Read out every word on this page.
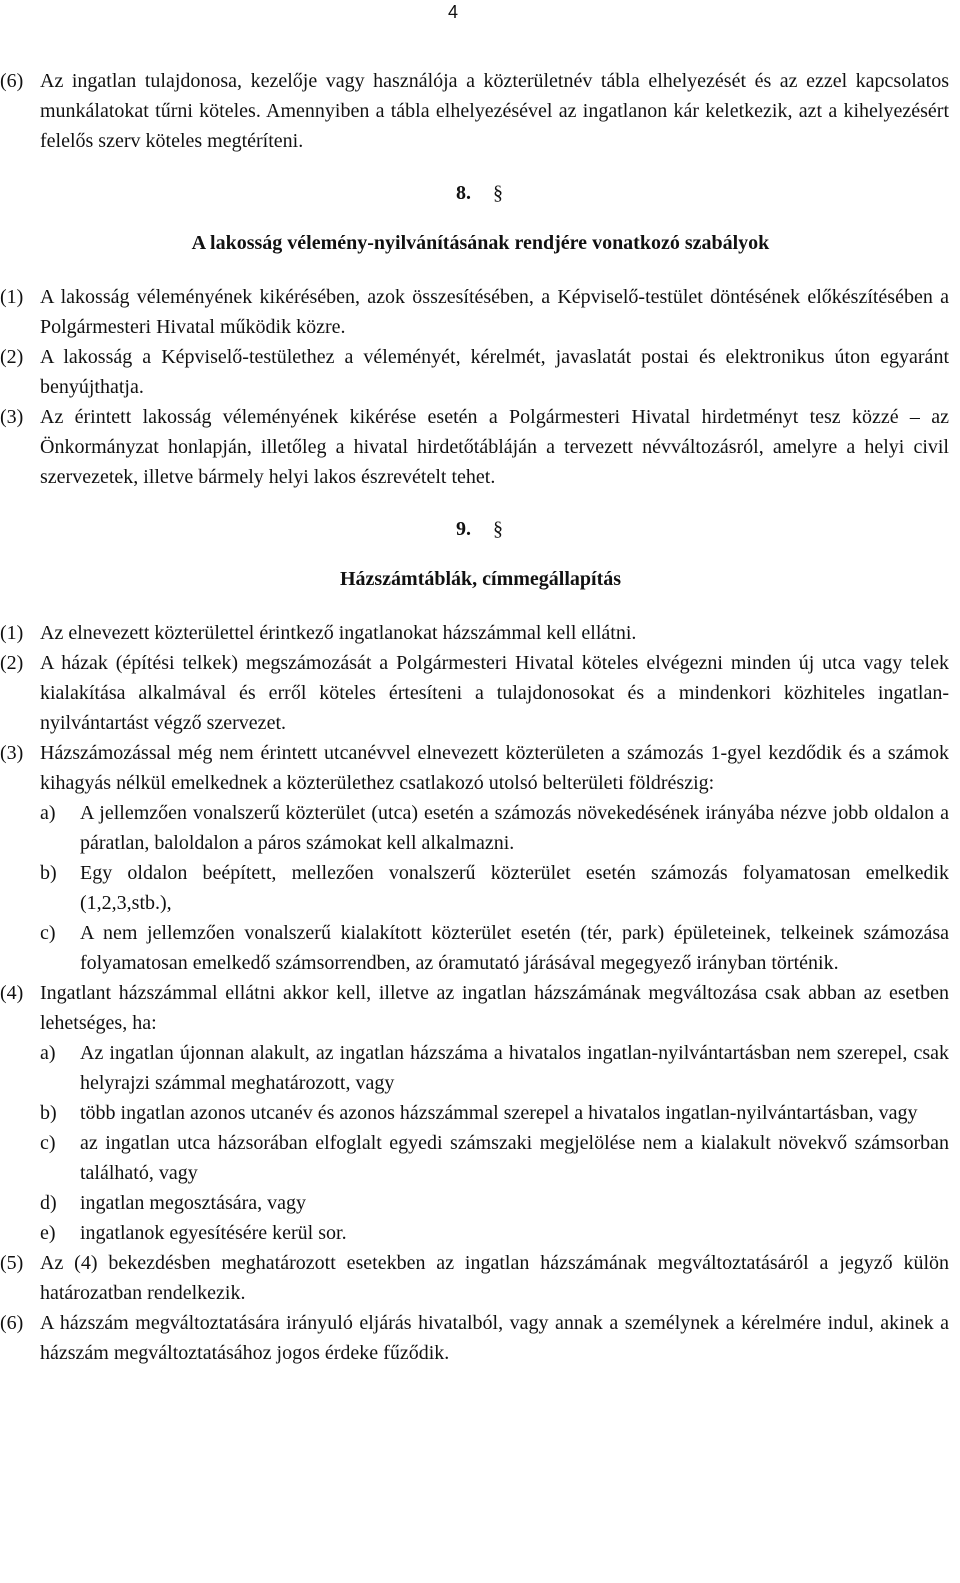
4
(6) Az ingatlan tulajdonosa, kezelője vagy használója a közterületnév tábla elhelyezését és az ezzel kapcsolatos munkálatokat tűrni köteles. Amennyiben a tábla elhelyezésével az ingatlanon kár keletkezik, azt a kihelyezésért felelős szerv köteles megtéríteni.
8. §
A lakosság vélemény-nyilvánításának rendjére vonatkozó szabályok
(1) A lakosság véleményének kikérésében, azok összesítésében, a Képviselő-testület döntésének előkészítésében a Polgármesteri Hivatal működik közre.
(2) A lakosság a Képviselő-testülethez a véleményét, kérelmét, javaslatát postai és elektronikus úton egyaránt benyújthatja.
(3) Az érintett lakosság véleményének kikérése esetén a Polgármesteri Hivatal hirdetményt tesz közzé – az Önkormányzat honlapján, illetőleg a hivatal hirdetőtábláján a tervezett névváltozásról, amelyre a helyi civil szervezetek, illetve bármely helyi lakos észrevételt tehet.
9. §
Házszámtáblák, címmegállapítás
(1) Az elnevezett közterülettel érintkező ingatlanokat házszámmal kell ellátni.
(2) A házak (építési telkek) megszámozását a Polgármesteri Hivatal köteles elvégezni minden új utca vagy telek kialakítása alkalmával és erről köteles értesíteni a tulajdonosokat és a mindenkori közhiteles ingatlan-nyilvántartást végző szervezet.
(3) Házszámozással még nem érintett utcanévvel elnevezett közterületen a számozás 1-gyel kezdődik és a számok kihagyás nélkül emelkednek a közterülethez csatlakozó utolsó belterületi földrészig:
a)	A jellemzően vonalszerű közterület (utca) esetén a számozás növekedésének irányába nézve jobb oldalon a páratlan, baloldalon a páros számokat kell alkalmazni.
b)	Egy oldalon beépített, mellezően vonalszerű közterület esetén számozás folyamatosan emelkedik (1,2,3,stb.),
c)	A nem jellemzően vonalszerű kialakított közterület esetén (tér, park) épületeinek, telkeinek számozása folyamatosan emelkedő számsorrendben, az óramutató járásával megegyező irányban történik.
(4) Ingatlant házszámmal ellátni akkor kell, illetve az ingatlan házszámának megváltozása csak abban az esetben lehetséges, ha:
a)	Az ingatlan újonnan alakult, az ingatlan házszáma a hivatalos ingatlan-nyilvántartásban nem szerepel, csak helyrajzi számmal meghatározott, vagy
b)	több ingatlan azonos utcanév és azonos házszámmal szerepel a hivatalos ingatlan-nyilvántartásban, vagy
c)	az ingatlan utca házsorában elfoglalt egyedi számszaki megjelölése nem a kialakult növekvő számsorban található, vagy
d)	ingatlan megosztására, vagy
e)	ingatlanok egyesítésére kerül sor.
(5) Az (4) bekezdésben meghatározott esetekben az ingatlan házszámának megváltoztatásáról a jegyző külön határozatban rendelkezik.
(6) A házszám megváltoztatására irányuló eljárás hivatalból, vagy annak a személynek a kérelmére indul, akinek a házszám megváltoztatásához jogos érdeke fűződik.
